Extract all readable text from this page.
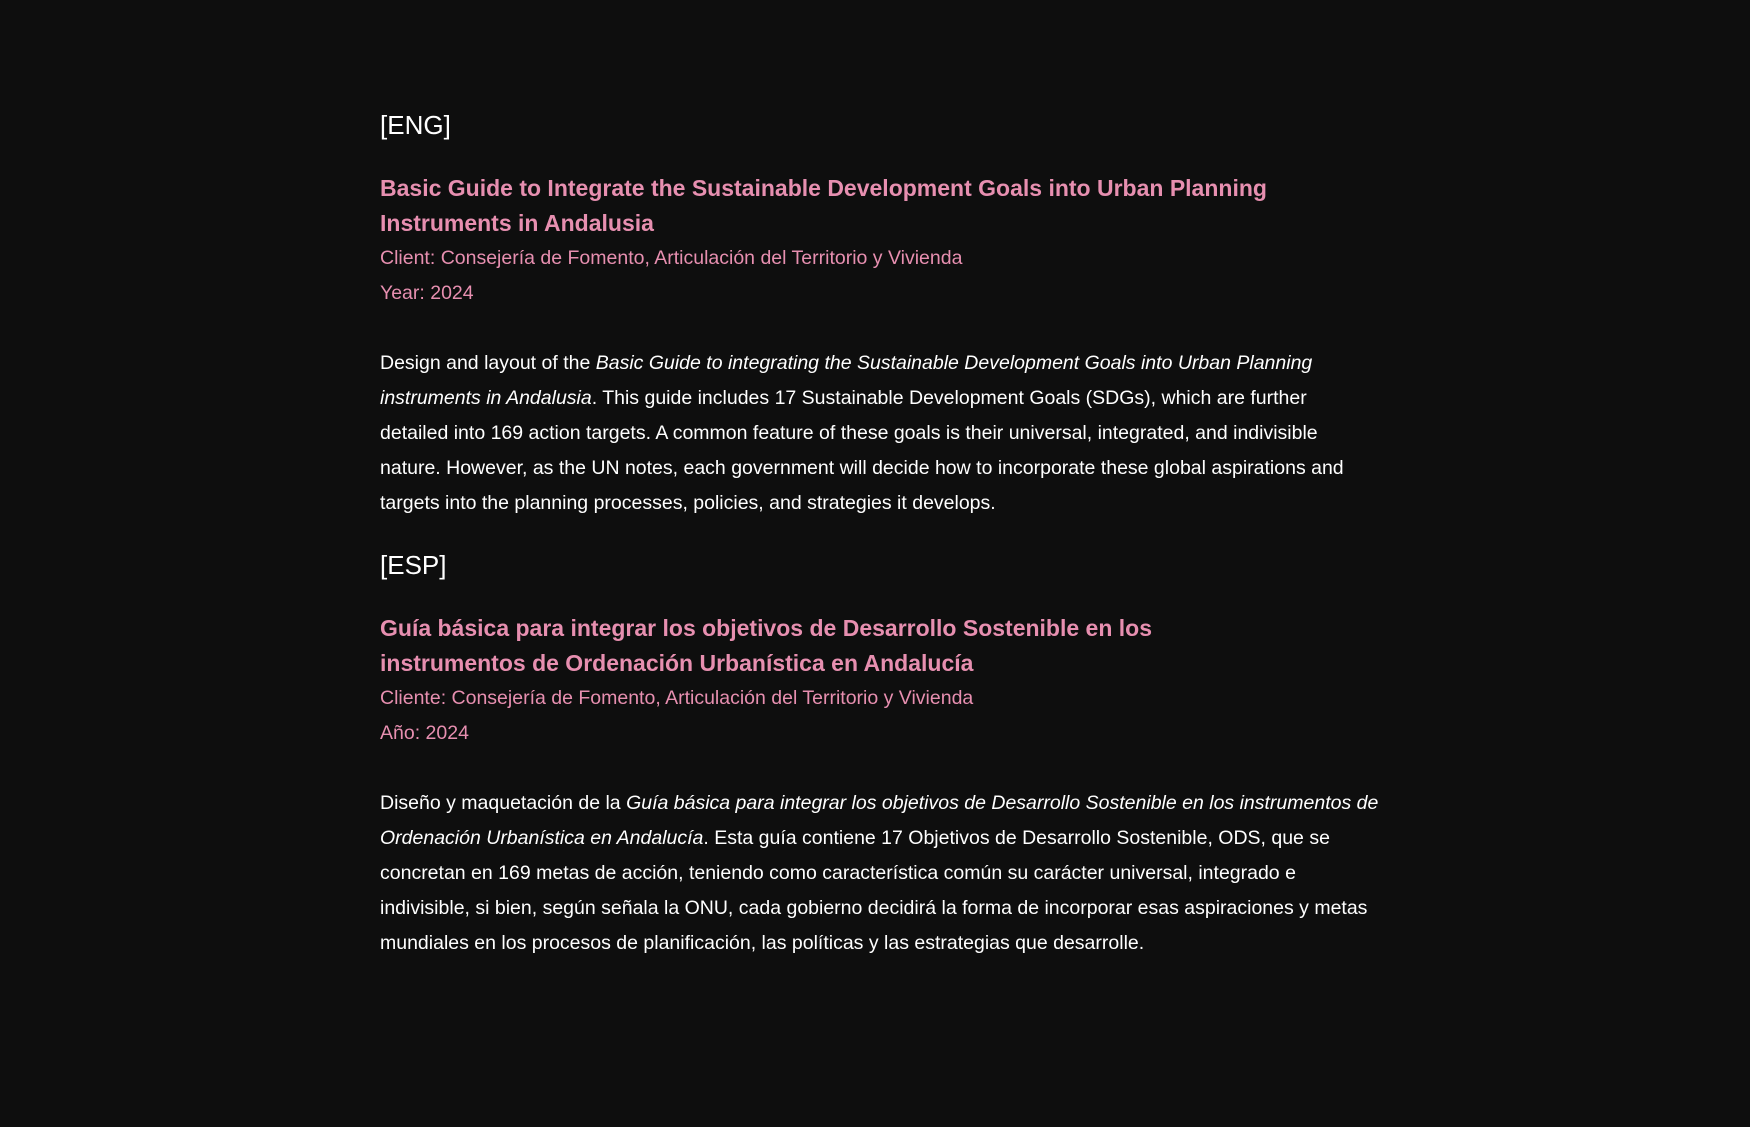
[ENG]
Basic Guide to Integrate the Sustainable Development Goals into Urban Planning Instruments in Andalusia

Client: Consejería de Fomento, Articulación del Territorio y Vivienda

Year: 2024

Design and layout of the Basic Guide to integrating the Sustainable Development Goals into Urban Planning instruments in Andalusia. This guide includes 17 Sustainable Development Goals (SDGs), which are further detailed into 169 action targets. A common feature of these goals is their universal, integrated, and indivisible nature. However, as the UN notes, each government will decide how to incorporate these global aspirations and targets into the planning processes, policies, and strategies it develops.

[ESP]
Guía básica para integrar los objetivos de Desarrollo Sostenible en los instrumentos de Ordenación Urbanística en Andalucía

Cliente: Consejería de Fomento, Articulación del Territorio y Vivienda

Año: 2024

Diseño y maquetación de la Guía básica para integrar los objetivos de Desarrollo Sostenible en los instrumentos de Ordenación Urbanística en Andalucía. Esta guía contiene 17 Objetivos de Desarrollo Sostenible, ODS, que se concretan en 169 metas de acción, teniendo como característica común su carácter universal, integrado e indivisible, si bien, según señala la ONU, cada gobierno decidirá la forma de incorporar esas aspiraciones y metas mundiales en los procesos de planificación, las políticas y las estrategias que desarrolle.
